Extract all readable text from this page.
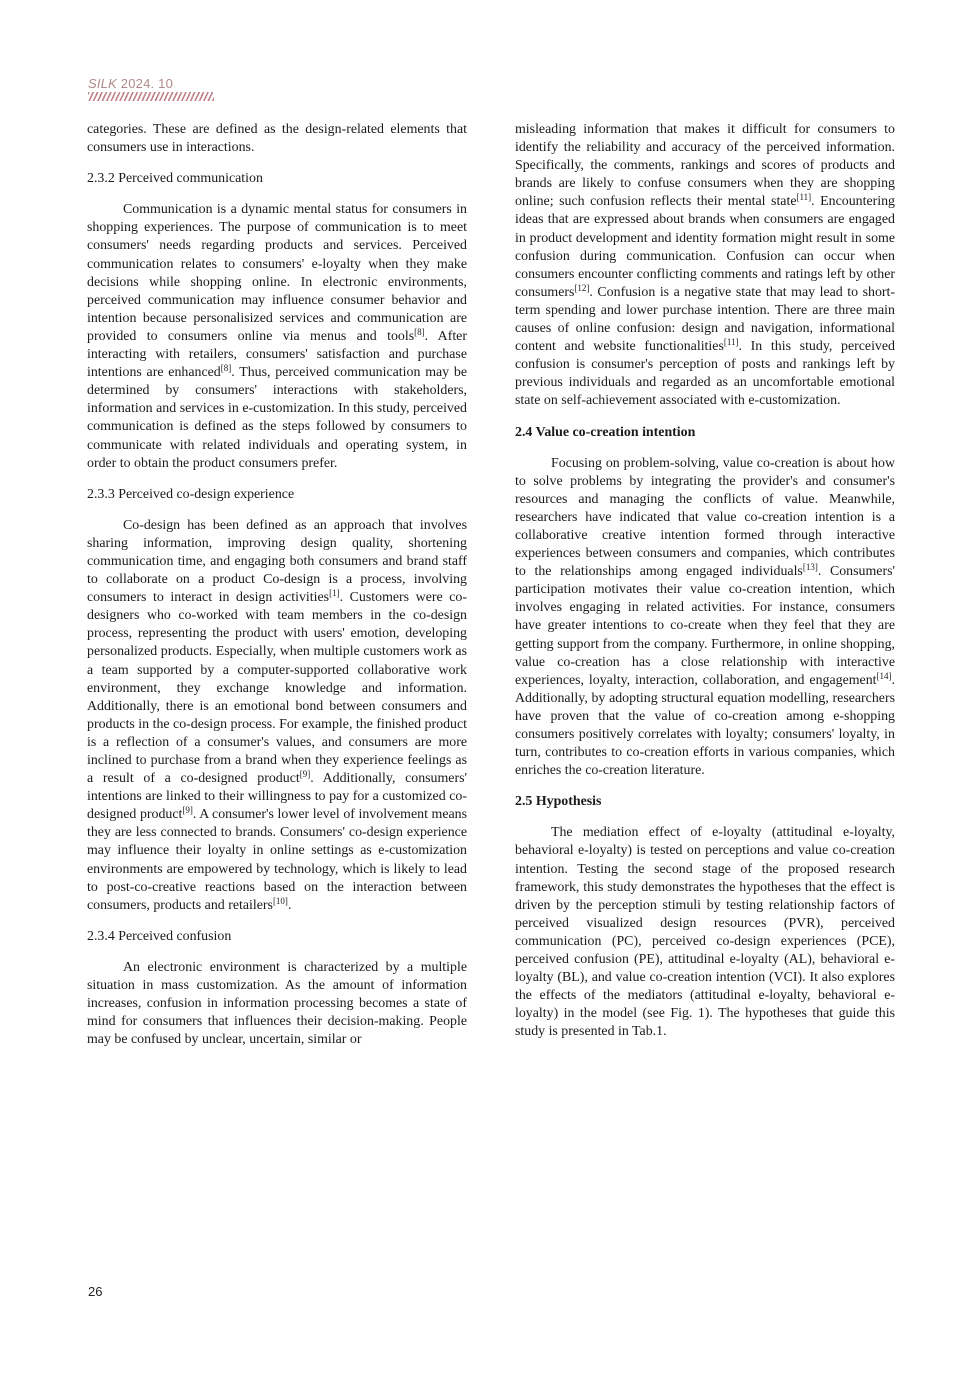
SILK 2024. 10

categories. These are defined as the design-related elements that consumers use in interactions.

2.3.2 Perceived communication

Communication is a dynamic mental status for consumers in shopping experiences. The purpose of communication is to meet consumers' needs regarding products and services. Perceived communication relates to consumers' e-loyalty when they make decisions while shopping online. In electronic environments, perceived communication may influence consumer behavior and intention because personalisized services and communication are provided to consumers online via menus and tools[8]. After interacting with retailers, consumers' satisfaction and purchase intentions are enhanced[8]. Thus, perceived communication may be determined by consumers' interactions with stakeholders, information and services in e-customization. In this study, perceived communication is defined as the steps followed by consumers to communicate with related individuals and operating system, in order to obtain the product consumers prefer.

2.3.3 Perceived co-design experience

Co-design has been defined as an approach that involves sharing information, improving design quality, shortening communication time, and engaging both consumers and brand staff to collaborate on a product Co-design is a process, involving consumers to interact in design activities[1]. Customers were co-designers who co-worked with team members in the co-design process, representing the product with users' emotion, developing personalized products. Especially, when multiple customers work as a team supported by a computer-supported collaborative work environment, they exchange knowledge and information. Additionally, there is an emotional bond between consumers and products in the co-design process. For example, the finished product is a reflection of a consumer's values, and consumers are more inclined to purchase from a brand when they experience feelings as a result of a co-designed product[9]. Additionally, consumers' intentions are linked to their willingness to pay for a customized co-designed product[9]. A consumer's lower level of involvement means they are less connected to brands. Consumers' co-design experience may influence their loyalty in online settings as e-customization environments are empowered by technology, which is likely to lead to post-co-creative reactions based on the interaction between consumers, products and retailers[10].

2.3.4 Perceived confusion

An electronic environment is characterized by a multiple situation in mass customization. As the amount of information increases, confusion in information processing becomes a state of mind for consumers that influences their decision-making. People may be confused by unclear, uncertain, similar or

misleading information that makes it difficult for consumers to identify the reliability and accuracy of the perceived information. Specifically, the comments, rankings and scores of products and brands are likely to confuse consumers when they are shopping online; such confusion reflects their mental state[11]. Encountering ideas that are expressed about brands when consumers are engaged in product development and identity formation might result in some confusion during communication. Confusion can occur when consumers encounter conflicting comments and ratings left by other consumers[12]. Confusion is a negative state that may lead to short-term spending and lower purchase intention. There are three main causes of online confusion: design and navigation, informational content and website functionalities[11]. In this study, perceived confusion is consumer's perception of posts and rankings left by previous individuals and regarded as an uncomfortable emotional state on self-achievement associated with e-customization.

2.4 Value co-creation intention

Focusing on problem-solving, value co-creation is about how to solve problems by integrating the provider's and consumer's resources and managing the conflicts of value. Meanwhile, researchers have indicated that value co-creation intention is a collaborative creative intention formed through interactive experiences between consumers and companies, which contributes to the relationships among engaged individuals[13]. Consumers' participation motivates their value co-creation intention, which involves engaging in related activities. For instance, consumers have greater intentions to co-create when they feel that they are getting support from the company. Furthermore, in online shopping, value co-creation has a close relationship with interactive experiences, loyalty, interaction, collaboration, and engagement[14]. Additionally, by adopting structural equation modelling, researchers have proven that the value of co-creation among e-shopping consumers positively correlates with loyalty; consumers' loyalty, in turn, contributes to co-creation efforts in various companies, which enriches the co-creation literature.

2.5 Hypothesis

The mediation effect of e-loyalty (attitudinal e-loyalty, behavioral e-loyalty) is tested on perceptions and value co-creation intention. Testing the second stage of the proposed research framework, this study demonstrates the hypotheses that the effect is driven by the perception stimuli by testing relationship factors of perceived visualized design resources (PVR), perceived communication (PC), perceived co-design experiences (PCE), perceived confusion (PE), attitudinal e-loyalty (AL), behavioral e-loyalty (BL), and value co-creation intention (VCI). It also explores the effects of the mediators (attitudinal e-loyalty, behavioral e-loyalty) in the model (see Fig. 1). The hypotheses that guide this study is presented in Tab.1.

26
